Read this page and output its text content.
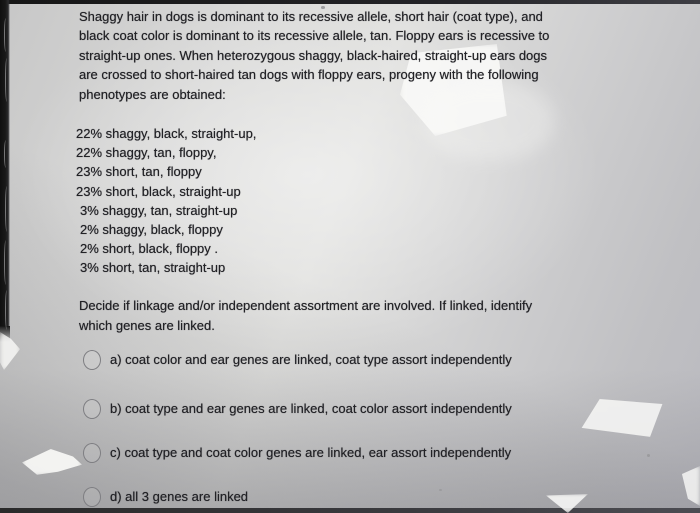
Shaggy hair in dogs is dominant to its recessive allele, short hair (coat type), and
black coat color is dominant to its recessive allele, tan. Floppy ears is recessive to
straight-up ones. When heterozygous shaggy, black-haired, straight-up ears dogs
are crossed to short-haired tan dogs with floppy ears, progeny with the following
phenotypes are obtained:
22% shaggy, black, straight-up,
22% shaggy, tan, floppy,
23% short, tan, floppy
23% short, black, straight-up
3% shaggy, tan, straight-up
2% shaggy, black, floppy
2% short, black, floppy .
3% short, tan, straight-up
Decide if linkage and/or independent assortment are involved. If linked, identify
which genes are linked.
a) coat color and ear genes are linked, coat type assort independently
b) coat type and ear genes are linked, coat color assort independently
c) coat type and coat color genes are linked, ear assort independently
d) all 3 genes are linked
